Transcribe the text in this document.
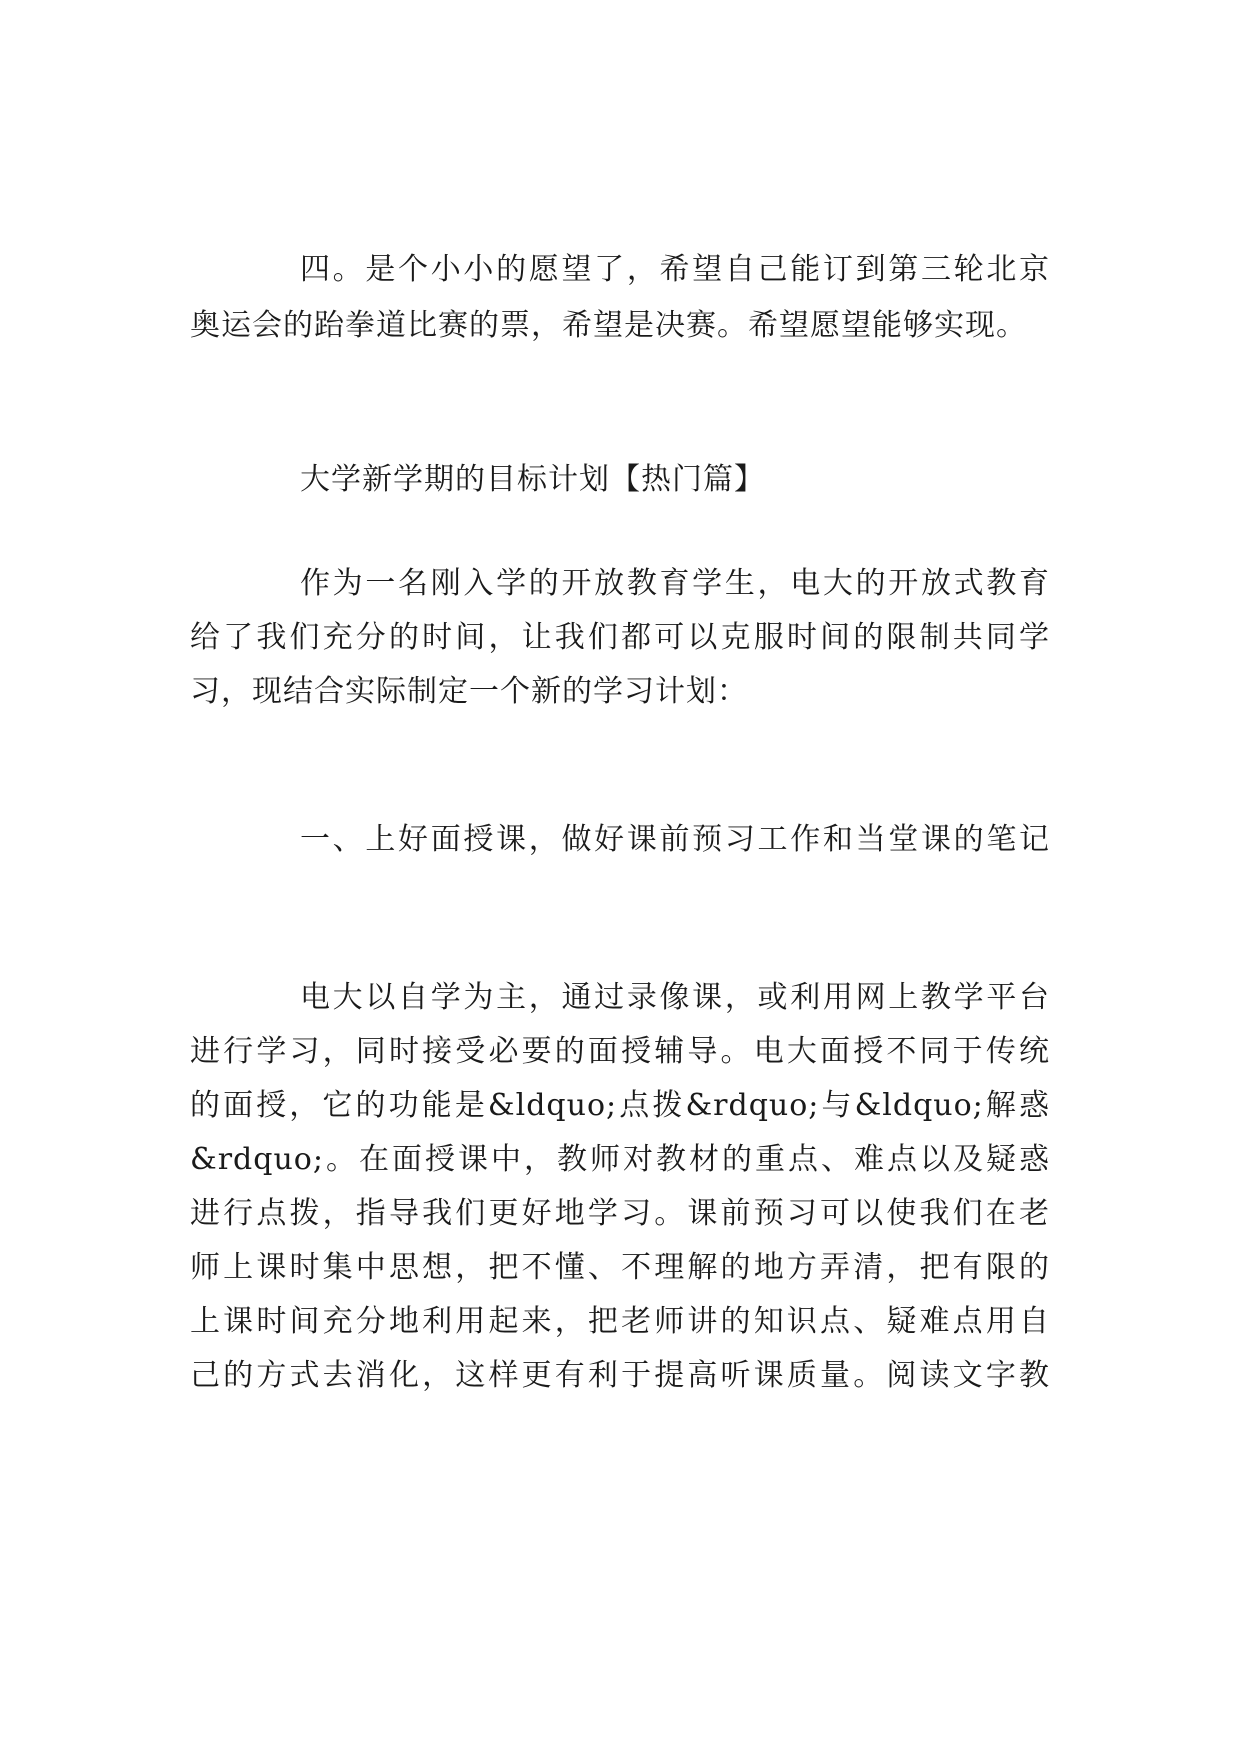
四。是个小小的愿望了，希望自己能订到第三轮北京
奥运会的跆拳道比赛的票，希望是决赛。希望愿望能够实现。
大学新学期的目标计划【热门篇】
作为一名刚入学的开放教育学生，电大的开放式教育
给了我们充分的时间，让我们都可以克服时间的限制共同学
习，现结合实际制定一个新的学习计划：
一、上好面授课，做好课前预习工作和当堂课的笔记
电大以自学为主，通过录像课，或利用网上教学平台
进行学习，同时接受必要的面授辅导。电大面授不同于传统
的面授，它的功能是&ldquo;点拨&rdquo;与&ldquo;解惑
&rdquo;。在面授课中，教师对教材的重点、难点以及疑惑
进行点拨，指导我们更好地学习。课前预习可以使我们在老
师上课时集中思想，把不懂、不理解的地方弄清，把有限的
上课时间充分地利用起来，把老师讲的知识点、疑难点用自
己的方式去消化，这样更有利于提高听课质量。阅读文字教
